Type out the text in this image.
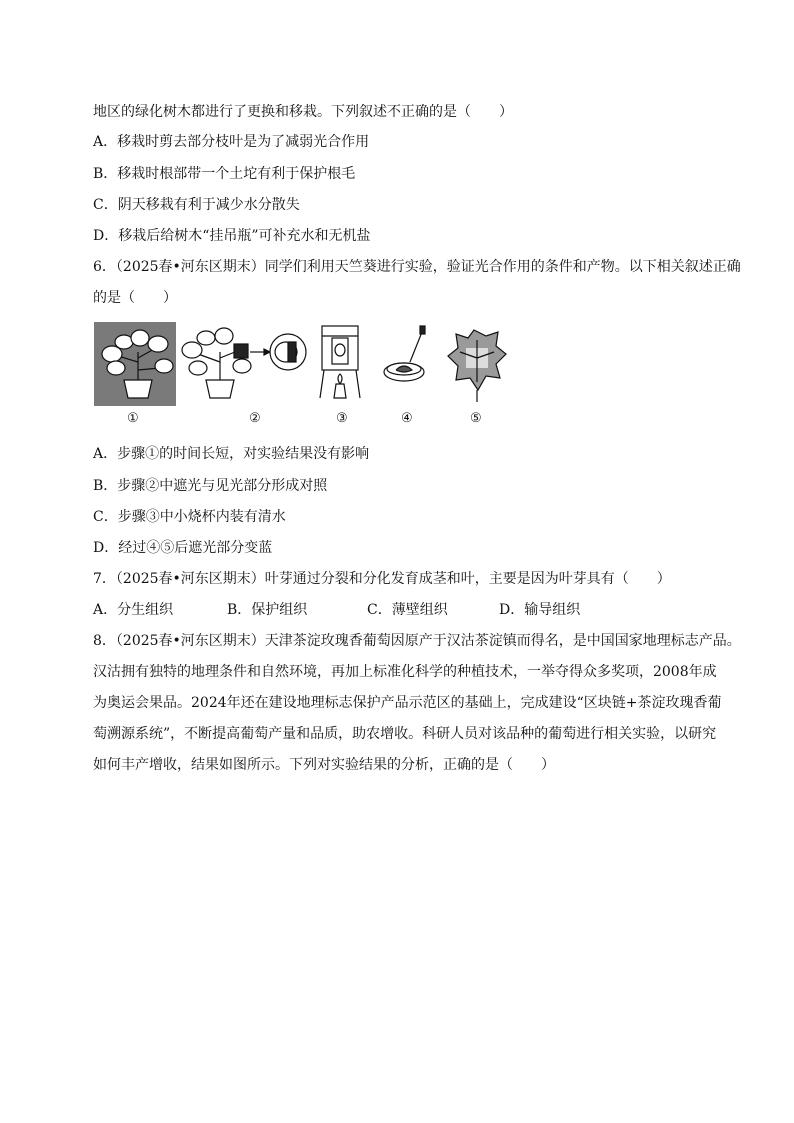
地区的绿化树木都进行了更换和移栽。下列叙述不正确的是（　　）
A．移栽时剪去部分枝叶是为了减弱光合作用
B．移栽时根部带一个土坨有利于保护根毛
C．阴天移栽有利于减少水分散失
D．移栽后给树木“挂吊瓶”可补充水和无机盐
6．（2025春•河东区期末）同学们利用天竺葵进行实验，验证光合作用的条件和产物。以下相关叙述正确
的是（　　）
①	②	③	④	⑤
A．步骤①的时间长短，对实验结果没有影响
B．步骤②中遮光与见光部分形成对照
C．步骤③中小烧杯内装有清水
D．经过④⑤后遮光部分变蓝
7．（2025春•河东区期末）叶芽通过分裂和分化发育成茎和叶，主要是因为叶芽具有（　　）
A．分生组织	B．保护组织	C．薄壁组织	D．输导组织
8．（2025春•河东区期末）天津茶淀玫瑰香葡萄因原产于汉沽茶淀镇而得名，是中国国家地理标志产品。
汉沽拥有独特的地理条件和自然环境，再加上标准化科学的种植技术，一举夺得众多奖项，2008年成
为奥运会果品。2024年还在建设地理标志保护产品示范区的基础上，完成建设“区块链+茶淀玫瑰香葡
萄溯源系统”，不断提高葡萄产量和品质，助农增收。科研人员对该品种的葡萄进行相关实验，以研究
如何丰产增收，结果如图所示。下列对实验结果的分析，正确的是（　　）
